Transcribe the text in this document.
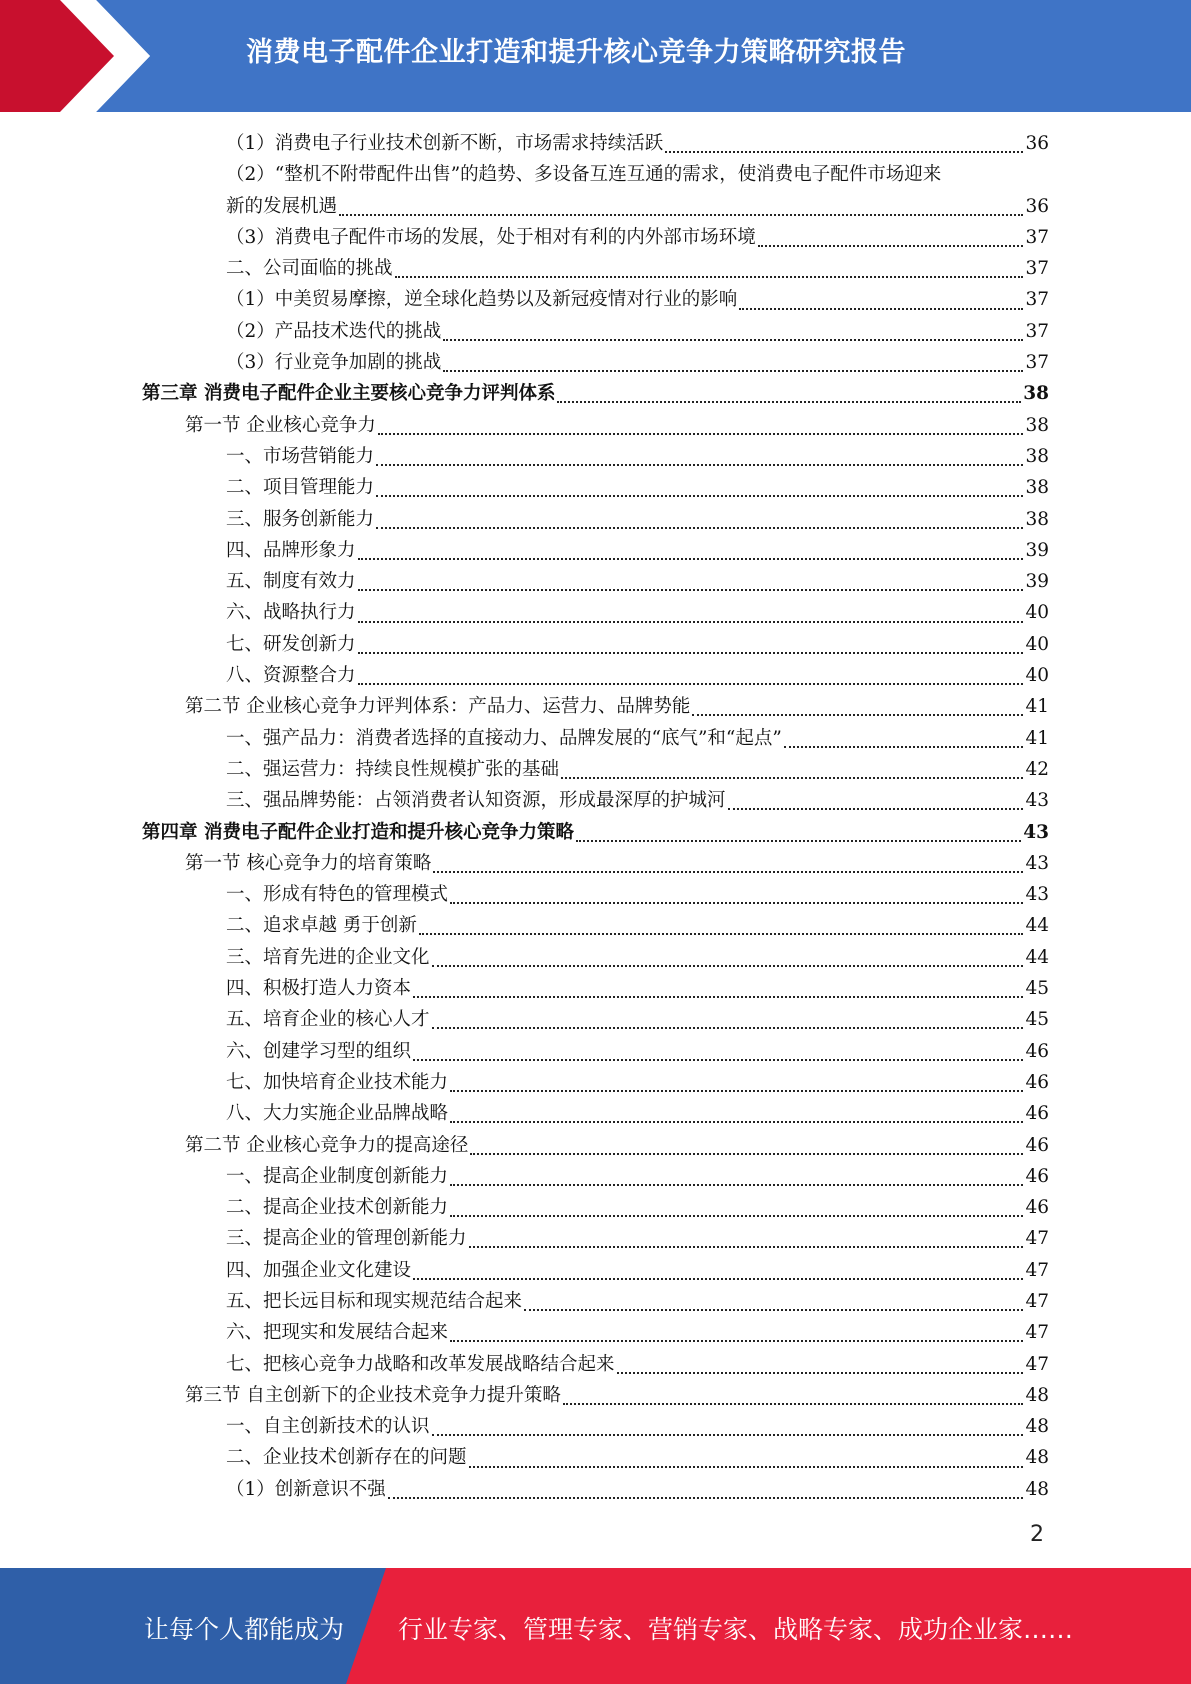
消费电子配件企业打造和提升核心竞争力策略研究报告
（1）消费电子行业技术创新不断，市场需求持续活跃	36
（2）“整机不附带配件出售”的趋势、多设备互连互通的需求，使消费电子配件市场迎来
新的发展机遇	36
（3）消费电子配件市场的发展，处于相对有利的内外部市场环境	37
二、公司面临的挑战	37
（1）中美贸易摩擦，逆全球化趋势以及新冠疫情对行业的影响	37
（2）产品技术迭代的挑战	37
（3）行业竞争加剧的挑战	37
第三章 消费电子配件企业主要核心竞争力评判体系	38
第一节 企业核心竞争力	38
一、市场营销能力	38
二、项目管理能力	38
三、服务创新能力	38
四、品牌形象力	39
五、制度有效力	39
六、战略执行力	40
七、研发创新力	40
八、资源整合力	40
第二节 企业核心竞争力评判体系：产品力、运营力、品牌势能	41
一、强产品力：消费者选择的直接动力、品牌发展的“底气”和“起点”	41
二、强运营力：持续良性规模扩张的基础	42
三、强品牌势能：占领消费者认知资源，形成最深厚的护城河	43
第四章 消费电子配件企业打造和提升核心竞争力策略	43
第一节 核心竞争力的培育策略	43
一、形成有特色的管理模式	43
二、追求卓越 勇于创新	44
三、培育先进的企业文化	44
四、积极打造人力资本	45
五、培育企业的核心人才	45
六、创建学习型的组织	46
七、加快培育企业技术能力	46
八、大力实施企业品牌战略	46
第二节 企业核心竞争力的提高途径	46
一、提高企业制度创新能力	46
二、提高企业技术创新能力	46
三、提高企业的管理创新能力	47
四、加强企业文化建设	47
五、把长远目标和现实规范结合起来	47
六、把现实和发展结合起来	47
七、把核心竞争力战略和改革发展战略结合起来	47
第三节 自主创新下的企业技术竞争力提升策略	48
一、自主创新技术的认识	48
二、企业技术创新存在的问题	48
（1）创新意识不强	48
2
让每个人都能成为 行业专家、管理专家、营销专家、战略专家、成功企业家……
